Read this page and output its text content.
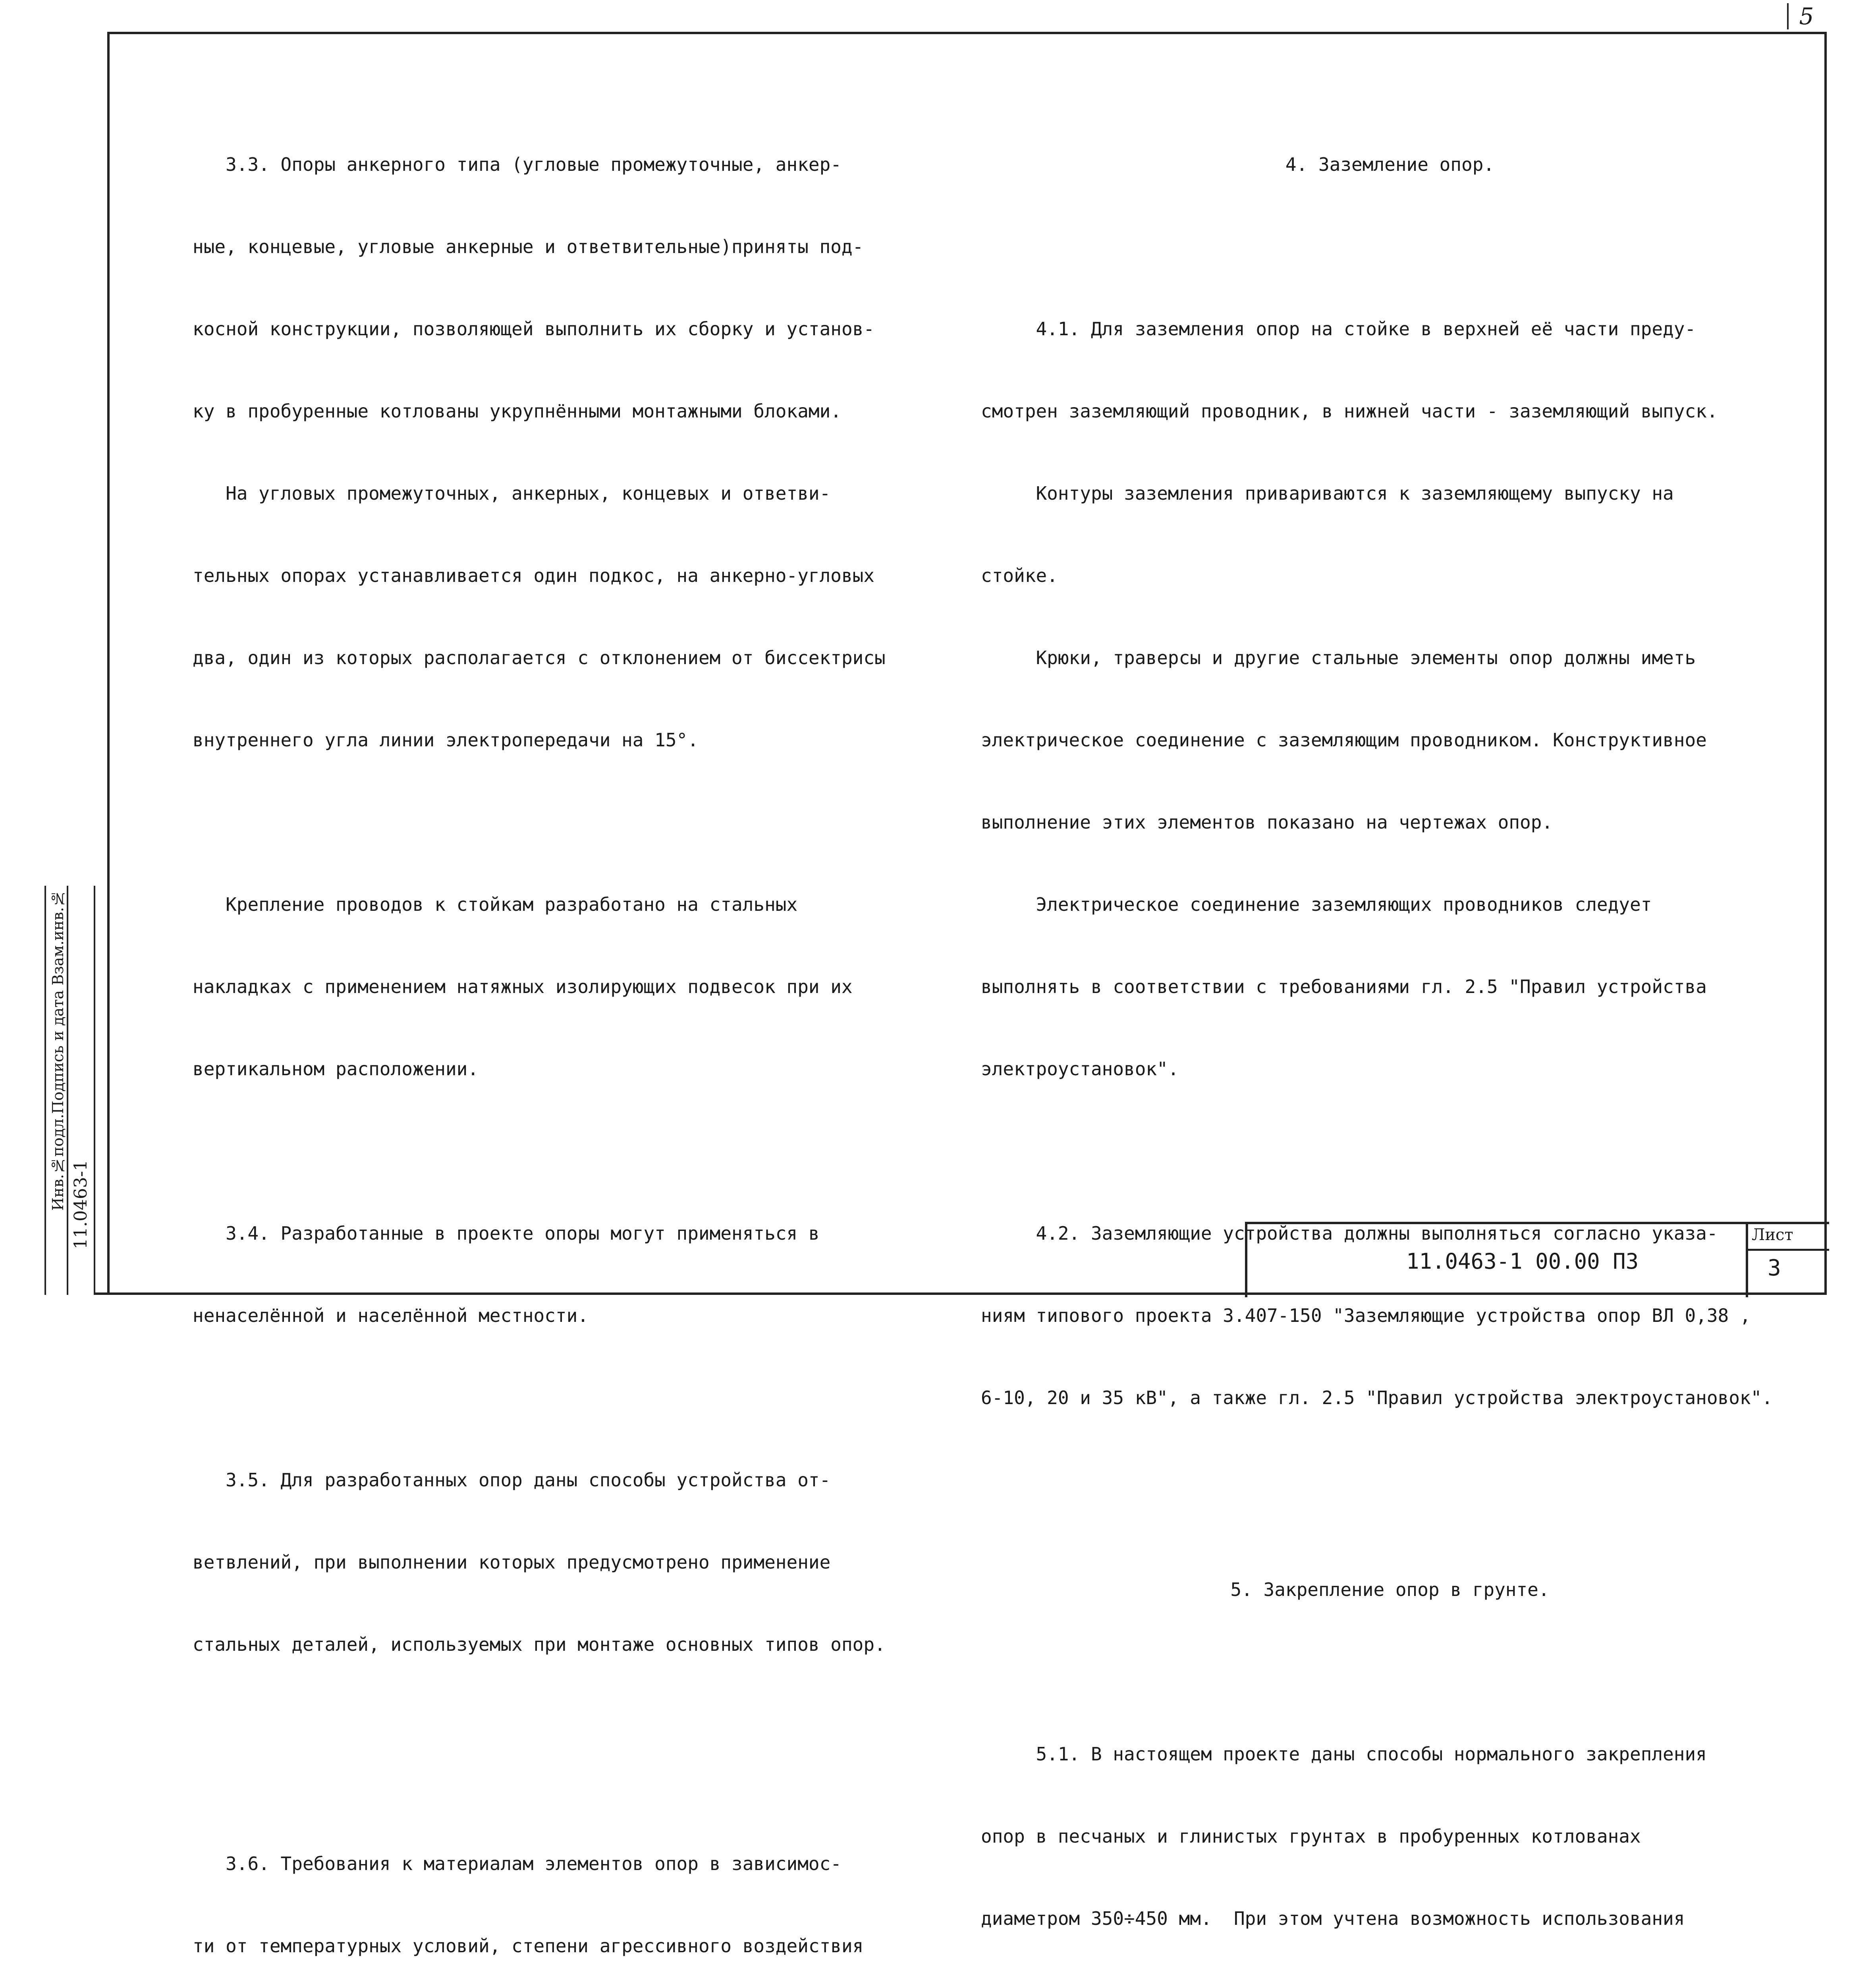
5

3.3. Опоры анкерного типа (угловые промежуточные, анкер-

ные, концевые, угловые анкерные и ответвительные)приняты под-

косной конструкции, позволяющей выполнить их сборку и установ-

ку в пробуренные котлованы укрупнёнными монтажными блоками.

На угловых промежуточных, анкерных, концевых и ответви-

тельных опорах устанавливается один подкос, на анкерно-угловых

два, один из которых располагается с отклонением от биссектрисы

внутреннего угла линии электропередачи на 15°.

Крепление проводов к стойкам разработано на стальных

накладках с применением натяжных изолирующих подвесок при их

вертикальном расположении.

3.4. Разработанные в проекте опоры могут применяться в

ненаселённой и населённой местности.

3.5. Для разработанных опор даны способы устройства от-

ветвлений, при выполнении которых предусмотрено применение

стальных деталей, используемых при монтаже основных типов опор.

3.6. Требования к материалам элементов опор в зависимос-

ти от температурных условий, степени агрессивного воздействия

4. Заземление опор.

4.1. Для заземления опор на стойке в верхней её части преду-

смотрен заземляющий проводник, в нижней части - заземляющий выпуск.

Контуры заземления привариваются к заземляющему выпуску на

стойке.

Крюки, траверсы и другие стальные элементы опор должны иметь

электрическое соединение с заземляющим проводником. Конструктивное

выполнение этих элементов показано на чертежах опор.

Электрическое соединение заземляющих проводников следует

выполнять в соответствии с требованиями гл. 2.5 "Правил устройства

электроустановок".

4.2. Заземляющие устройства должны выполняться согласно указа-

ниям типового проекта 3.407-150 "Заземляющие устройства опор ВЛ 0,38 ,

6-10, 20 и 35 кВ", а также гл. 2.5 "Правил устройства электроустановок".

5. Закрепление опор в грунте.

5.1. В настоящем проекте даны способы нормального закрепления

опор в песчаных и глинистых грунтах в пробуренных котлованах

диаметром 350÷450 мм.  При этом учтена возможность использования

Инв.№подл.Подпись и дата Взам.инв.№ 11.0463-1
11.0463-1 00.00 ПЗ
Лист
3
